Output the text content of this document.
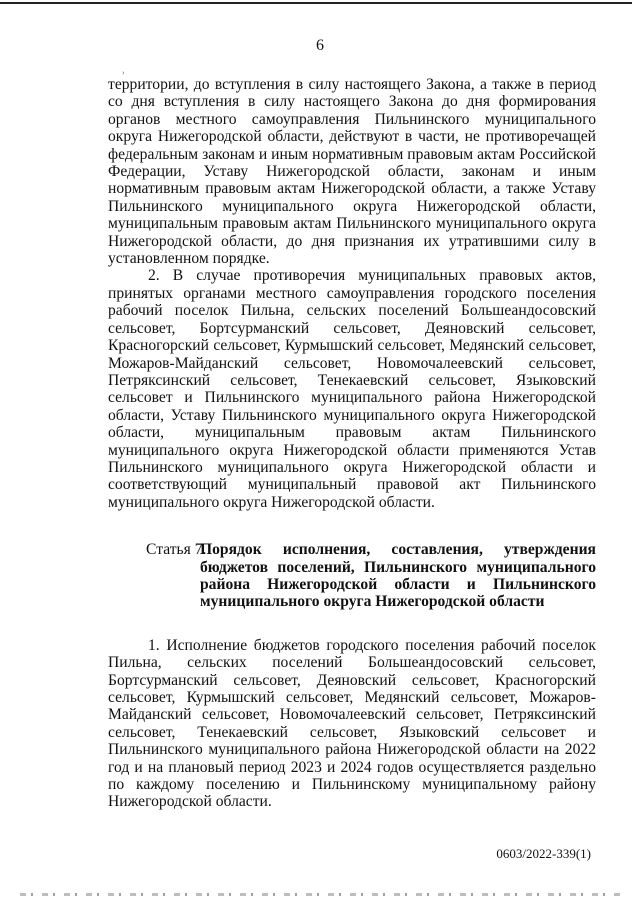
›
6

территории, до вступления в силу настоящего Закона, а также в период со дня вступления в силу настоящего Закона до дня формирования органов местного самоуправления Пильнинского муниципального округа Нижегородской области, действуют в части, не противоречащей федеральным законам и иным нормативным правовым актам Российской Федерации, Уставу Нижегородской области, законам и иным нормативным правовым актам Нижегородской области, а также Уставу Пильнинского муниципального округа Нижегородской области, муниципальным правовым актам Пильнинского муниципального округа Нижегородской области, до дня признания их утратившими силу в установленном порядке.

2. В случае противоречия муниципальных правовых актов, принятых органами местного самоуправления городского поселения рабочий поселок Пильна, сельских поселений Большеандосовский сельсовет, Бортсурманский сельсовет, Деяновский сельсовет, Красногорский сельсовет, Курмышский сельсовет, Медянский сельсовет, Можаров-Майданский сельсовет, Новомочалеевский сельсовет, Петряксинский сельсовет, Тенекаевский сельсовет, Языковский сельсовет и Пильнинского муниципального района Нижегородской области, Уставу Пильнинского муниципального округа Нижегородской области, муниципальным правовым актам Пильнинского муниципального округа Нижегородской области применяются Устав Пильнинского муниципального округа Нижегородской области и соответствующий муниципальный правовой акт Пильнинского муниципального округа Нижегородской области.

Статья 7.
Порядок исполнения, составления, утверждения бюджетов поселений, Пильнинского муниципального района Нижегородской области и Пильнинского муниципального округа Нижегородской области

1. Исполнение бюджетов городского поселения рабочий поселок Пильна, сельских поселений Большеандосовский сельсовет, Бортсурманский сельсовет, Деяновский сельсовет, Красногорский сельсовет, Курмышский сельсовет, Медянский сельсовет, Можаров-Майданский сельсовет, Новомочалеевский сельсовет, Петряксинский сельсовет, Тенекаевский сельсовет, Языковский сельсовет и Пильнинского муниципального района Нижегородской области на 2022 год и на плановый период 2023 и 2024 годов осуществляется раздельно по каждому поселению и Пильнинскому муниципальному району Нижегородской области.

0603/2022-339(1)
